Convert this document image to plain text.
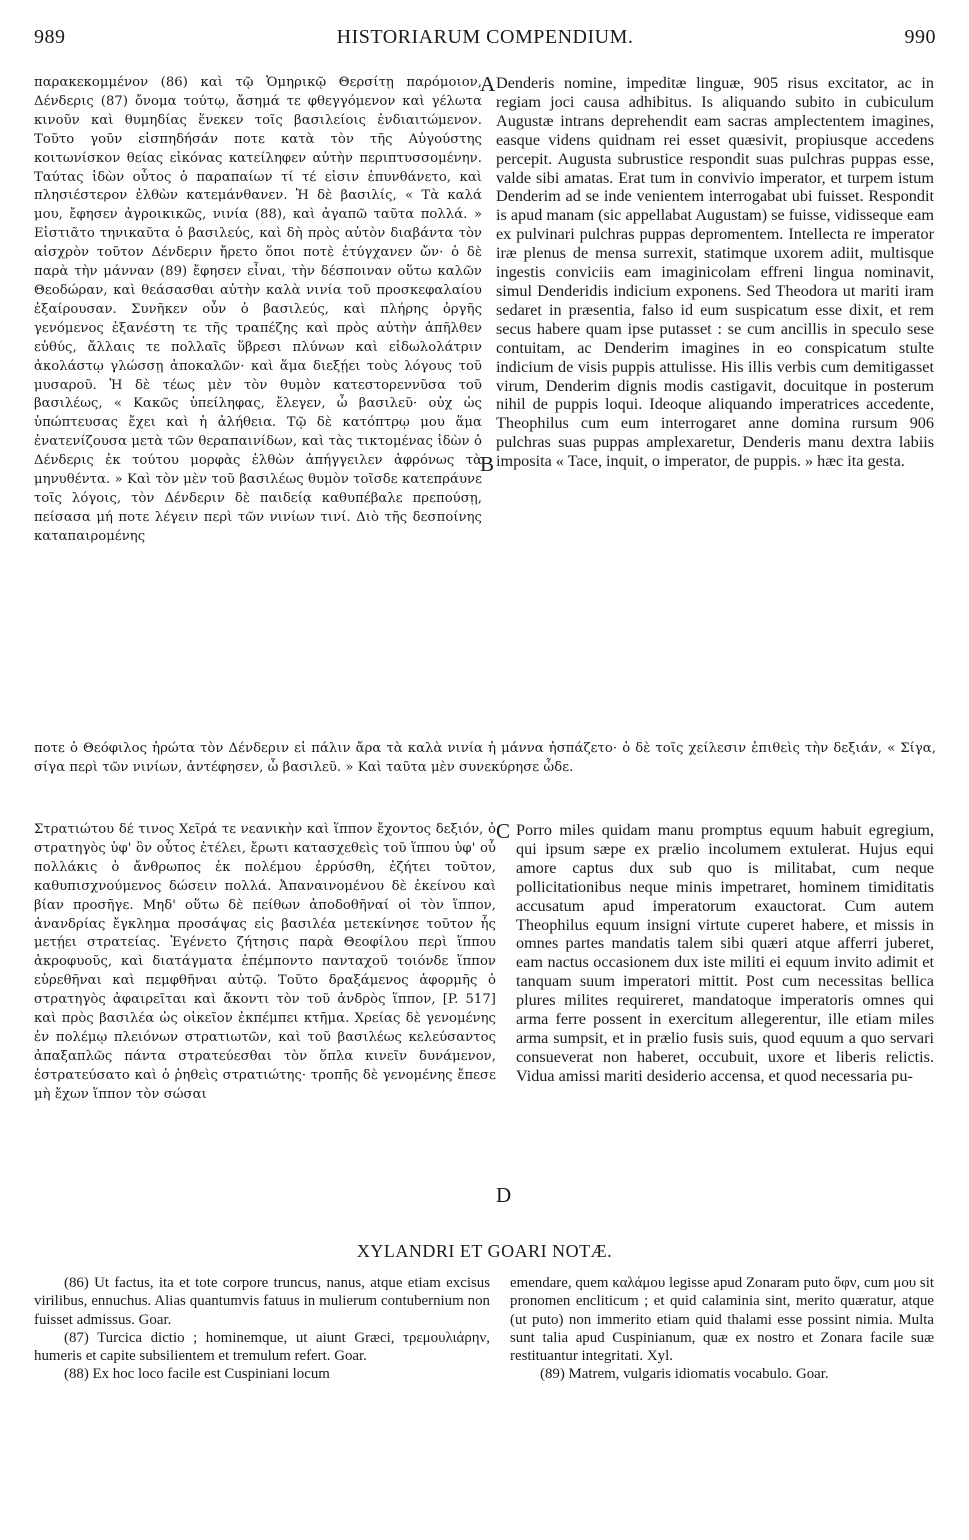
989	HISTORIARUM COMPENDIUM.	990
παρακεκομμένον (86) καὶ τῷ Ὁμηρικῷ Θερσίτῃ παρόμοιον, Δένδερις (87) ὄνομα τούτῳ, ἄσημά τε φθεγγόμενον καὶ γέλωτα κινοῦν καὶ θυμηδίας ἕνεκεν τοῖς βασιλείοις ἐνδιαιτώμενον. Τοῦτο γοῦν εἰσπηδήσάν ποτε κατὰ τὸν τῆς Αὐγούστης κοιτωνίσκον θείας εἰκόνας κατείληφεν αὐτὴν περιπτυσσομένην. Ταύτας ἰδὼν οὗτος ὁ παραπαίων τί τέ εἰσιν ἐπυνθάνετο, καὶ πλησιέστερον ἐλθὼν κατεμάνθανεν. Ἡ δὲ βασιλίς, « Τὰ καλά μου, ἔφησεν ἀγροικικῶς, νινία (88), καὶ ἀγαπῶ ταῦτα πολλά. » Εἱστιᾶτο τηνικαῦτα ὁ βασιλεύς, καὶ δὴ πρὸς αὐτὸν διαβάντα τὸν αἰσχρὸν τοῦτον Δένδεριν ἤρετο ὅποι ποτὲ ἐτύγχανεν ὤν· ὁ δὲ παρὰ τὴν μάνναν (89) ἔφησεν εἶναι, τὴν δέσποιναν οὕτω καλῶν Θεοδώραν, καὶ θεάσασθαι αὐτὴν καλὰ νινία τοῦ προσκεφαλαίου ἐξαίρουσαν. Συνῆκεν οὖν ὁ βασιλεύς, καὶ πλήρης ὀργῆς γενόμενος ἐξανέστη τε τῆς τραπέζης καὶ πρὸς αὐτὴν ἀπῆλθεν εὐθύς, ἄλλαις τε πολλαῖς ὕβρεσι πλύνων καὶ εἰδωλολάτριν ἀκολάστῳ γλώσσῃ ἀποκαλῶν· καὶ ἅμα διεξῄει τοὺς λόγους τοῦ μυσαροῦ. Ἡ δὲ τέως μὲν τὸν θυμὸν κατεστορεννῦσα τοῦ βασιλέως, « Κακῶς ὑπείληφας, ἔλεγεν, ὦ βασιλεῦ· οὐχ ὡς ὑπώπτευσας ἔχει καὶ ἡ ἀλήθεια. Τῷ δὲ κατόπτρῳ μου ἅμα ἐνατενίζουσα μετὰ τῶν θεραπαινίδων, καὶ τὰς τικτομένας ἰδὼν ὁ Δένδερις ἐκ τούτου μορφὰς ἐλθὼν ἀπήγγειλεν ἀφρόνως τὰ μηνυθέντα. » Καὶ τὸν μὲν τοῦ βασιλέως θυμὸν τοῖσδε κατεπράυνε τοῖς λόγοις, τὸν Δένδεριν δὲ παιδείᾳ καθυπέβαλε πρεπούσῃ, πείσασα μή ποτε λέγειν περὶ τῶν νινίων τινί. Διὸ τῆς δεσποίνης καταπαιρομένης
A Denderis nomine, impeditæ linguæ, 905 risus excitator, ac in regiam joci causa adhibitus. Is aliquando subito in cubiculum Augustæ intrans deprehendit eam sacras amplectentem imagines, easque videns quidnam rei esset quæsivit, propiusque accedens percepit. Augusta subrustice respondit suas pulchras puppas esse, valde sibi amatas. Erat tum in convivio imperator, et turpem istum Denderim ad se inde venientem interrogabat ubi fuisset. Respondit is apud manam (sic appellabat Augustam) se fuisse, vidisseque eam ex pulvinari pulchras puppas depromentem. Intellecta re imperator iræ plenus de mensa surrexit, statimque uxorem adiit, multisque ingestis conviciis eam imaginicolam effreni lingua nominavit, simul Denderidis indicium exponens. Sed Theodora ut mariti iram sedaret in præsentia, falso id eum suspicatum esse dixit, et rem secus habere quam ipse putasset : se cum ancillis in speculo sese contuitam, ac Denderim imagines in eo conspicatum stulte indicium de visis puppis attulisse. His illis verbis cum demitigasset virum, Denderim dignis modis castigavit, docuitque in posterum nihil de puppis loqui. Ideoque aliquando imperatrices accedente, Theophilus cum eum interrogaret anne domina rursum 906 pulchras suas puppas amplexaretur, Denderis manu dextra labiis imposita « Tace, inquit, o imperator, de puppis. » hæc ita gesta.
B
ποτε ὁ Θεόφιλος ἠρώτα τὸν Δένδεριν εἰ πάλιν ἄρα τὰ καλὰ νινία ἡ μάννα ἠσπάζετο· ὁ δὲ τοῖς χείλεσιν ἐπιθεὶς τὴν δεξιάν, « Σίγα, σίγα περὶ τῶν νινίων, ἀντέφησεν, ὦ βασιλεῦ. » Καὶ ταῦτα μὲν συνεκύρησε ὧδε.
Στρατιώτου δέ τινος Χεῖρά τε νεανικὴν καὶ ἵππον ἔχοντος δεξιόν, ὁ στρατηγὸς ὑφ' ὃν οὗτος ἐτέλει, ἔρωτι κατασχεθεὶς τοῦ ἵππου ὑφ' οὗ πολλάκις ὁ ἄνθρωπος ἐκ πολέμου ἐρρύσθη, ἐζήτει τοῦτον, καθυπισχνούμενος δώσειν πολλά. Ἀπαναινομένου δὲ ἐκείνου καὶ βίαν προσῆγε. Μηδ' οὕτω δὲ πείθων ἀποδοθῆναί οἱ τὸν ἵππον, ἀνανδρίας ἔγκλημα προσάψας εἰς βασιλέα μετεκίνησε τοῦτον ἧς μετῄει στρατείας. Ἐγένετο ζήτησις παρὰ Θεοφίλου περὶ ἵππου ἀκροφυοῦς, καὶ διατάγματα ἐπέμποντο πανταχοῦ τοιόνδε ἵππον εὑρεθῆναι καὶ πεμφθῆναι αὐτῷ. Τοῦτο δραξάμενος ἀφορμῆς ὁ στρατηγὸς ἀφαιρεῖται καὶ ἄκοντι τὸν τοῦ ἀνδρὸς ἵππον, [P. 517] καὶ πρὸς βασιλέα ὡς οἰκεῖον ἐκπέμπει κτῆμα. Χρείας δὲ γενομένης ἐν πολέμῳ πλειόνων στρατιωτῶν, καὶ τοῦ βασιλέως κελεύσαντος ἀπαξαπλῶς πάντα στρατεύεσθαι τὸν ὅπλα κινεῖν δυνάμενον, ἐστρατεύσατο καὶ ὁ ῥηθεὶς στρατιώτης· τροπῆς δὲ γενομένης ἔπεσε μὴ ἔχων ἵππον τὸν σώσαι
C Porro miles quidam manu promptus equum habuit egregium, qui ipsum sæpe ex prælio incolumem extulerat. Hujus equi amore captus dux sub quo is militabat, cum neque pollicitationibus neque minis impetraret, hominem timiditatis accusatum apud imperatorum exauctorat. Cum autem Theophilus equum insigni virtute cuperet habere, et missis in omnes partes mandatis talem sibi quæri atque afferri juberet, eam nactus occasionem dux iste militi ei equum invito adimit et tanquam suum imperatori mittit. Post cum necessitas bellica plures milites requireret, mandatoque imperatoris omnes qui arma ferre possent in exercitum allegerentur, ille etiam miles arma sumpsit, et in prælio fusis suis, quod equum a quo servari consueverat non haberet, occubuit, uxore et liberis relictis. Vidua amissi mariti desiderio accensa, et quod necessaria pu-
D
XYLANDRI ET GOARI NOTÆ.

(86) Ut factus, ita et tote corpore truncus, nanus, atque etiam excisus virilibus, ennuchus. Alias quantumvis fatuus in mulierum contubernium non fuisset admissus. Goar.

(87) Turcica dictio ; hominemque, ut aiunt Græci, τρεμουλιάρην, humeris et capite subsilientem et tremulum refert. Goar.

(88) Ex hoc loco facile est Cuspiniani locum

emendare, quem καλάμου legisse apud Zonaram puto ὄφν, cum μου sit pronomen encliticum ; et quid calaminia sint, merito quæratur, atque (ut puto) non immerito etiam quid thalami esse possint nimia. Multa sunt talia apud Cuspinianum, quæ ex nostro et Zonara facile suæ restituantur integritati. Xyl.

(89) Matrem, vulgaris idiomatis vocabulo. Goar.
